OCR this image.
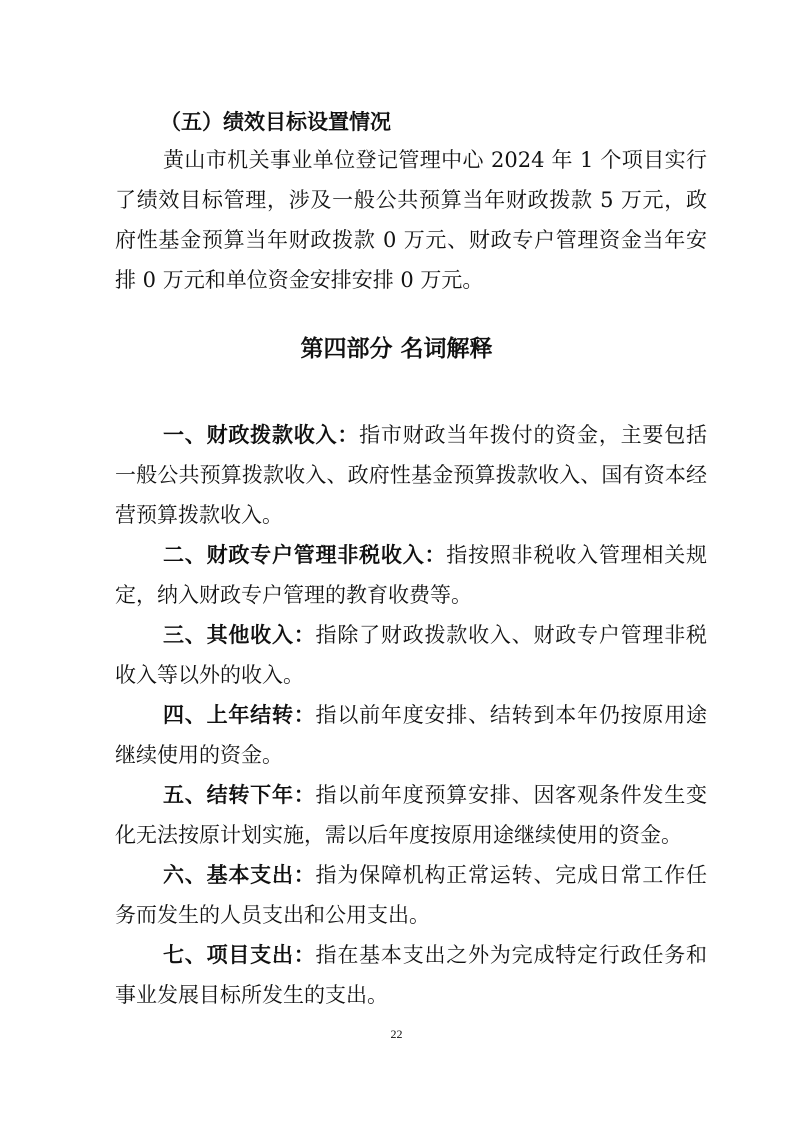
（五）绩效目标设置情况
黄山市机关事业单位登记管理中心 2024 年 1 个项目实行了绩效目标管理，涉及一般公共预算当年财政拨款 5 万元，政府性基金预算当年财政拨款 0 万元、财政专户管理资金当年安排 0 万元和单位资金安排安排 0 万元。
第四部分 名词解释
一、财政拨款收入：指市财政当年拨付的资金，主要包括一般公共预算拨款收入、政府性基金预算拨款收入、国有资本经营预算拨款收入。
二、财政专户管理非税收入：指按照非税收入管理相关规定，纳入财政专户管理的教育收费等。
三、其他收入：指除了财政拨款收入、财政专户管理非税收入等以外的收入。
四、上年结转：指以前年度安排、结转到本年仍按原用途继续使用的资金。
五、结转下年：指以前年度预算安排、因客观条件发生变化无法按原计划实施，需以后年度按原用途继续使用的资金。
六、基本支出：指为保障机构正常运转、完成日常工作任务而发生的人员支出和公用支出。
七、项目支出：指在基本支出之外为完成特定行政任务和事业发展目标所发生的支出。
22
